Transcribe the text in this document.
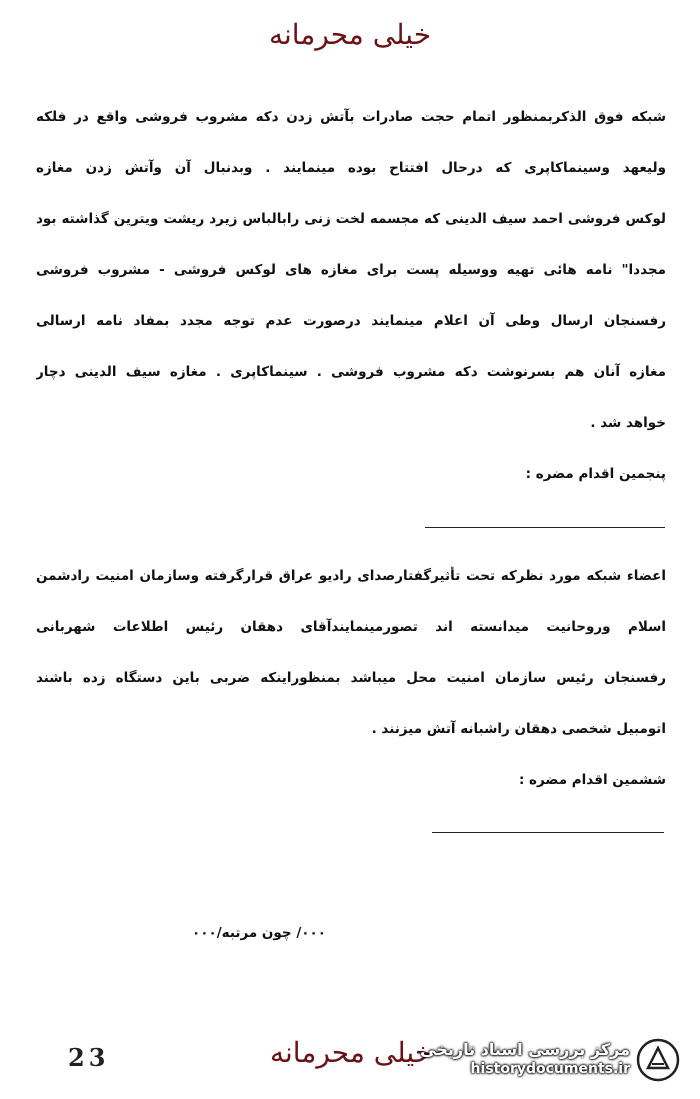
خیلی محرمانه
شبکه فوق الذکربمنظور اتمام حجت صادرات بآتش زدن دکه مشروب فروشی واقع در فلکه
ولیعهد وسینماکاپری که درحال افتتاح بوده مینمایند . وبدنبال آن وآتش زدن مغازه
لوکس فروشی احمد سیف الدینی که مجسمه لخت زنی رابالباس زیرد ریشت ویترین گذاشته بود
مجددا" نامه هائی تهیه ووسیله پست برای مغازه های لوکس فروشی - مشروب فروشی
رفسنجان ارسال وطی آن اعلام مینمایند درصورت عدم توجه مجدد بمفاد نامه ارسالی
مغازه آنان هم بسرنوشت دکه مشروب فروشی . سینماکاپری . مغازه سیف الدینی دچار
خواهد شد .
پنجمین اقدام مضره :
اعضاء شبکه مورد نظرکه تحت تأثیرگفتارصدای رادیو عراق قرارگرفته وسازمان امنیت رادشمن
اسلام وروحانیت میدانسته اند تصورمینمایندآقای دهقان رئیس اطلاعات شهربانی
رفسنجان رئیس سازمان امنیت محل میباشد بمنظوراینکه ضربی باین دستگاه زده باشند
اتومبیل شخصی دهقان راشبانه آتش میزنند .
ششمین اقدام مضره :
۰۰۰/ چون مرتبه/۰۰۰
23	خیلی محرمانه
مرکز بررسی اسناد تاریخی
historydocuments.ir
